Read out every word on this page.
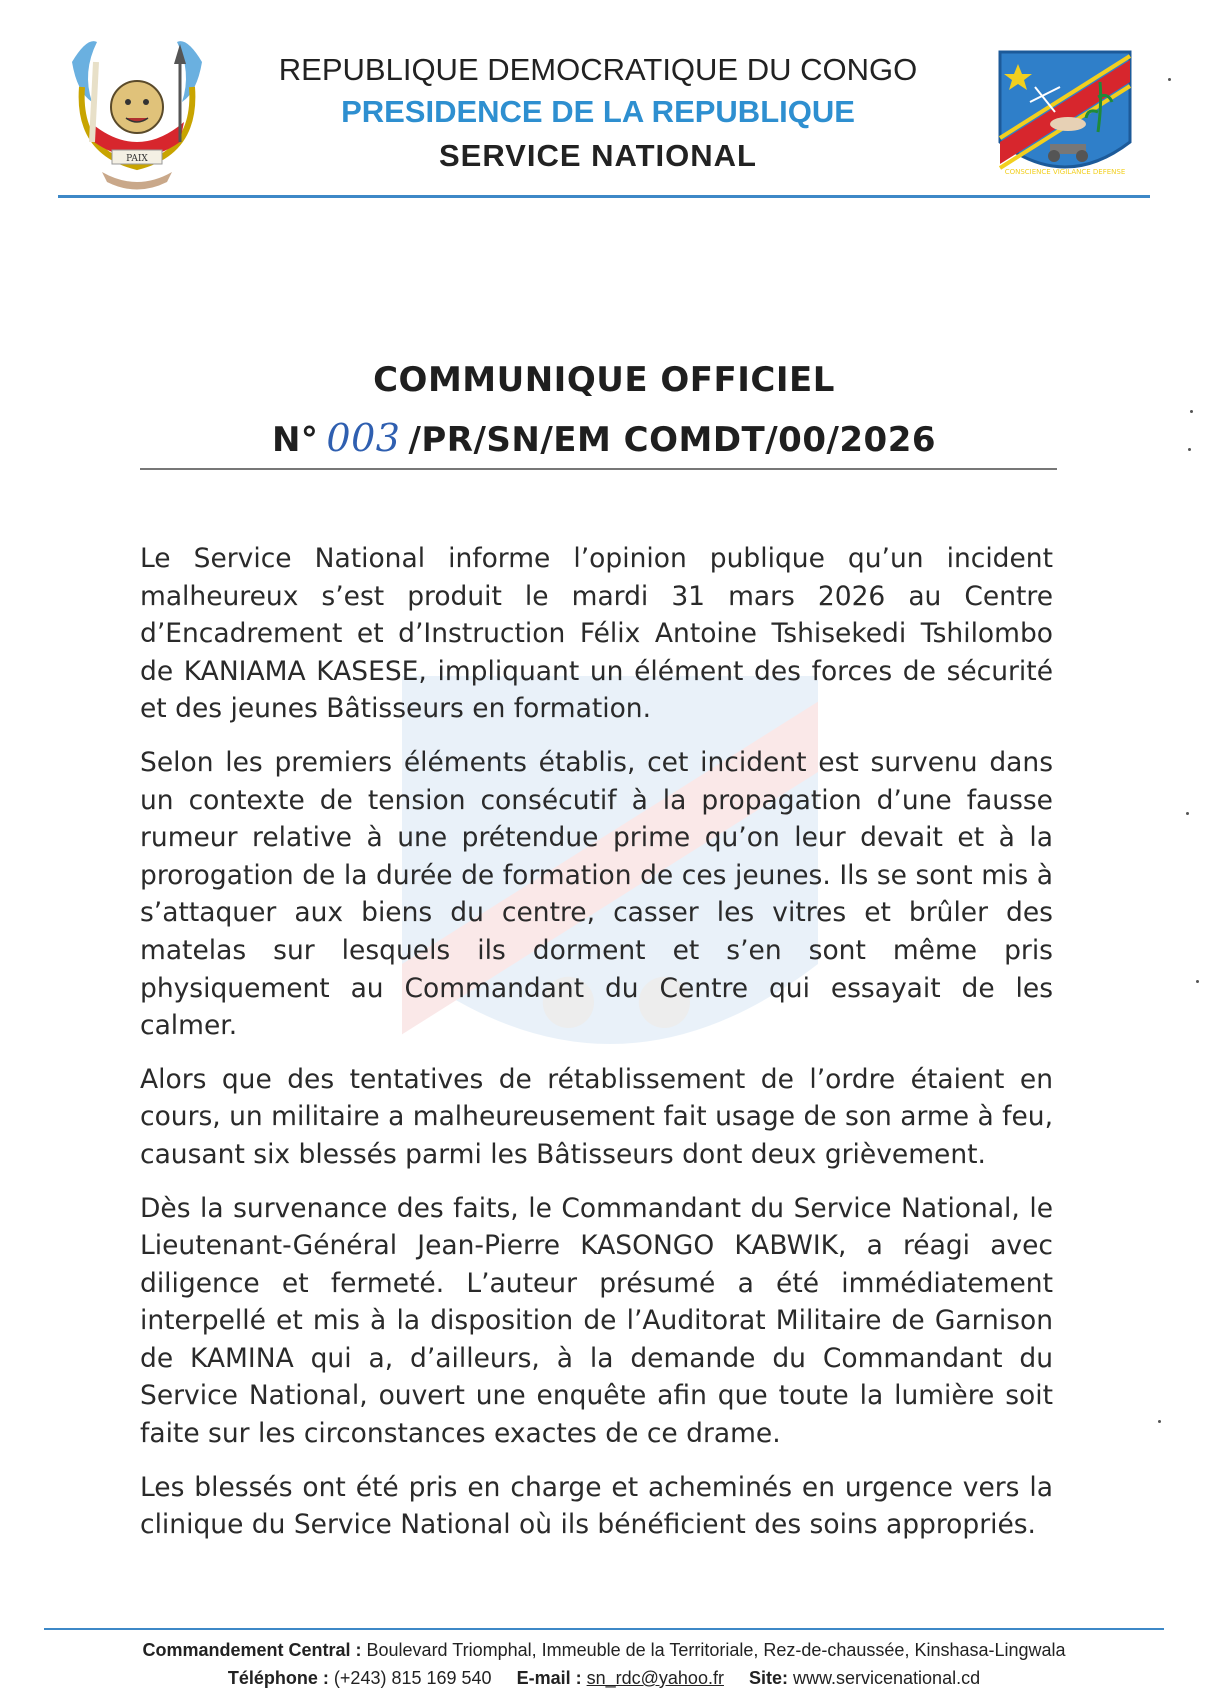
PAIX
REPUBLIQUE DEMOCRATIQUE DU CONGO
PRESIDENCE DE LA REPUBLIQUE
SERVICE NATIONAL	CONSCIENCE VIGILANCE DEFENSE
COMMUNIQUE OFFICIEL
N° 003 /PR/SN/EM COMDT/00/2026

Le Service National informe l’opinion publique qu’un incident malheureux s’est produit le mardi 31 mars 2026 au Centre d’Encadrement et d’Instruction Félix Antoine Tshisekedi Tshilombo de KANIAMA KASESE, impliquant un élément des forces de sécurité et des jeunes Bâtisseurs en formation.

Selon les premiers éléments établis, cet incident est survenu dans un contexte de tension consécutif à la propagation d’une fausse rumeur relative à une prétendue prime qu’on leur devait et à la prorogation de la durée de formation de ces jeunes. Ils se sont mis à s’attaquer aux biens du centre, casser les vitres et brûler des matelas sur lesquels ils dorment et s’en sont même pris physiquement au Commandant du Centre qui essayait de les calmer.

Alors que des tentatives de rétablissement de l’ordre étaient en cours, un militaire a malheureusement fait usage de son arme à feu, causant six blessés parmi les Bâtisseurs dont deux grièvement.

Dès la survenance des faits, le Commandant du Service National, le Lieutenant-Général Jean-Pierre KASONGO KABWIK, a réagi avec diligence et fermeté. L’auteur présumé a été immédiatement interpellé et mis à la disposition de l’Auditorat Militaire de Garnison de KAMINA qui a, d’ailleurs, à la demande du Commandant du Service National, ouvert une enquête afin que toute la lumière soit faite sur les circonstances exactes de ce drame.

Les blessés ont été pris en charge et acheminés en urgence vers la clinique du Service National où ils bénéficient des soins appropriés.

Commandement Central : Boulevard Triomphal, Immeuble de la Territoriale, Rez-de-chaussée, Kinshasa-Lingwala
Téléphone : (+243) 815 169 540 E-mail : sn_rdc@yahoo.fr Site: www.servicenational.cd
